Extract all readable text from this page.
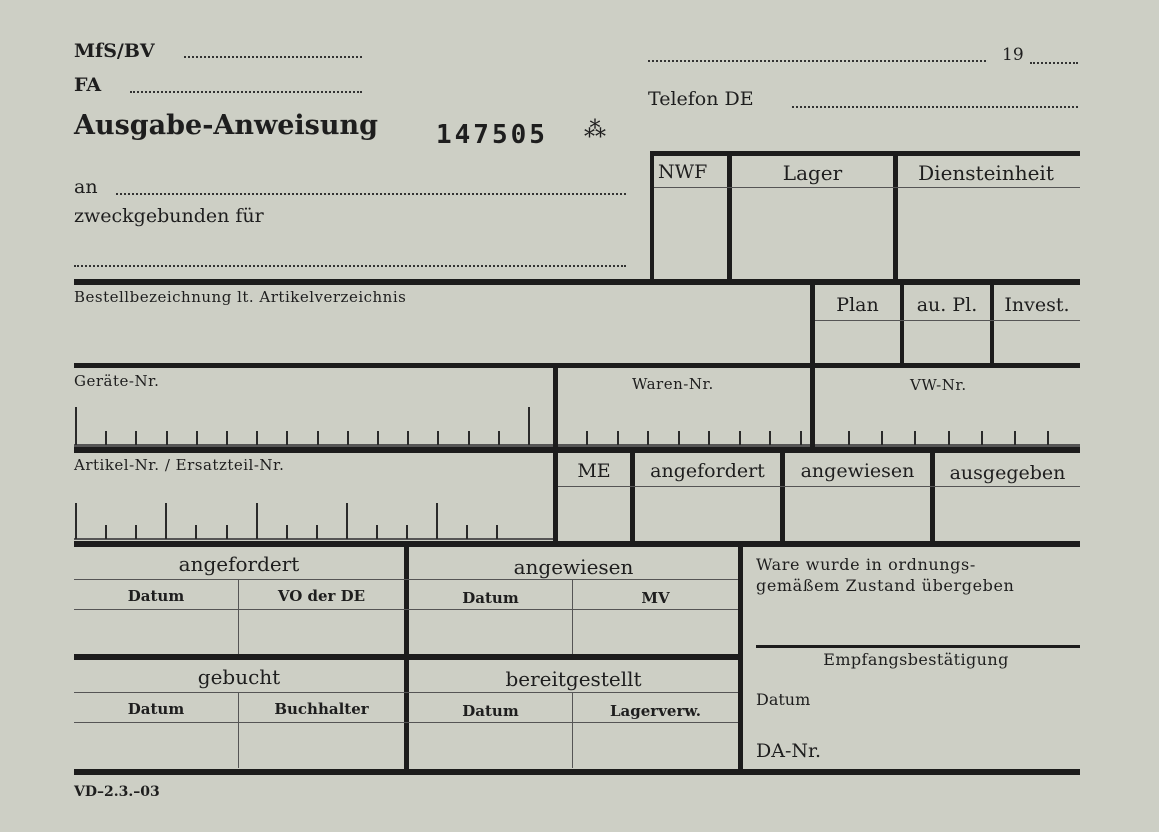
MfS/BV
FA
Ausgabe-Anweisung 147505 ⁂
19
Telefon DE
an
zweckgebunden für
NWF	Lager	Diensteinheit
Bestellbezeichnung lt. Artikelverzeichnis	Plan	au. Pl.	Invest.
Geräte-Nr.	Waren-Nr.	VW-Nr.
Artikel-Nr. / Ersatzteil-Nr.	ME	angefordert	angewiesen	ausgegeben
angefordert	angewiesen
Datum	VO der DE	Datum	MV
gebucht	bereitgestellt
Datum	Buchhalter	Datum	Lagerverw.
Ware wurde in ordnungs-
gemäßem Zustand übergeben
Empfangsbestätigung
Datum
DA-Nr.
VD–2.3.–03
